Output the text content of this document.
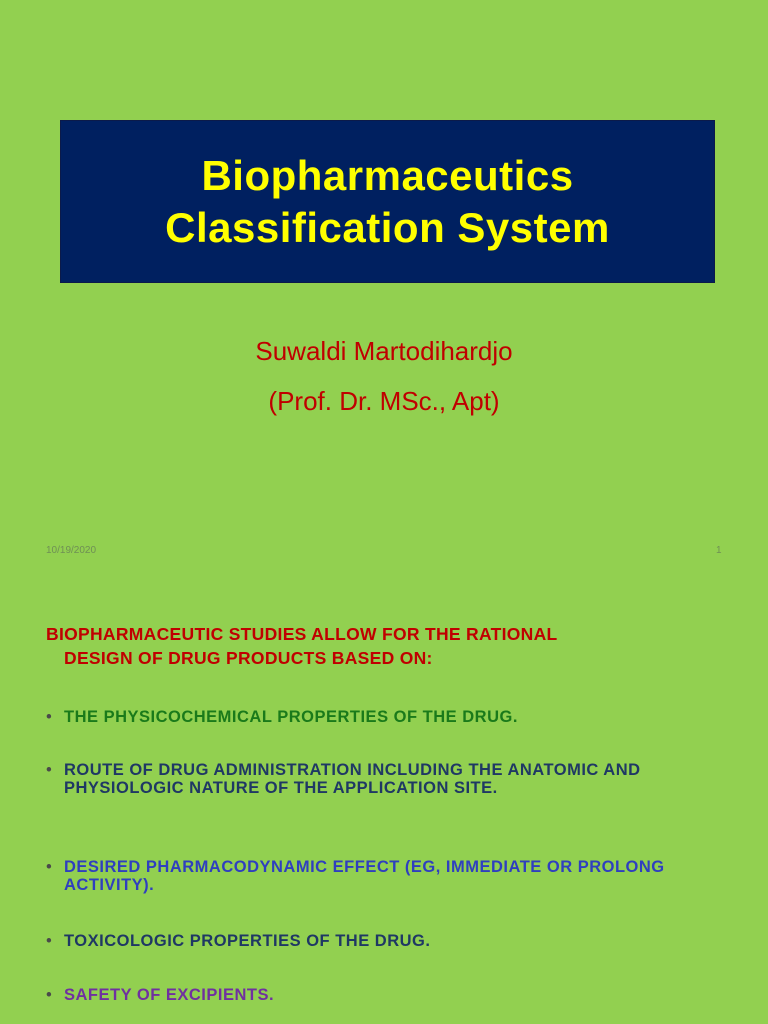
Biopharmaceutics
Classification System
Suwaldi Martodihardjo
(Prof. Dr. MSc., Apt)
10/19/2020	1
BIOPHARMACEUTIC STUDIES ALLOW FOR THE RATIONAL
DESIGN OF DRUG PRODUCTS BASED ON:
• THE PHYSICOCHEMICAL PROPERTIES OF THE DRUG.
• ROUTE OF DRUG ADMINISTRATION INCLUDING THE ANATOMIC AND PHYSIOLOGIC NATURE OF THE APPLICATION SITE.
• DESIRED PHARMACODYNAMIC EFFECT (EG, IMMEDIATE OR PROLONG ACTIVITY).
• TOXICOLOGIC PROPERTIES OF THE DRUG.
• SAFETY OF EXCIPIENTS.
